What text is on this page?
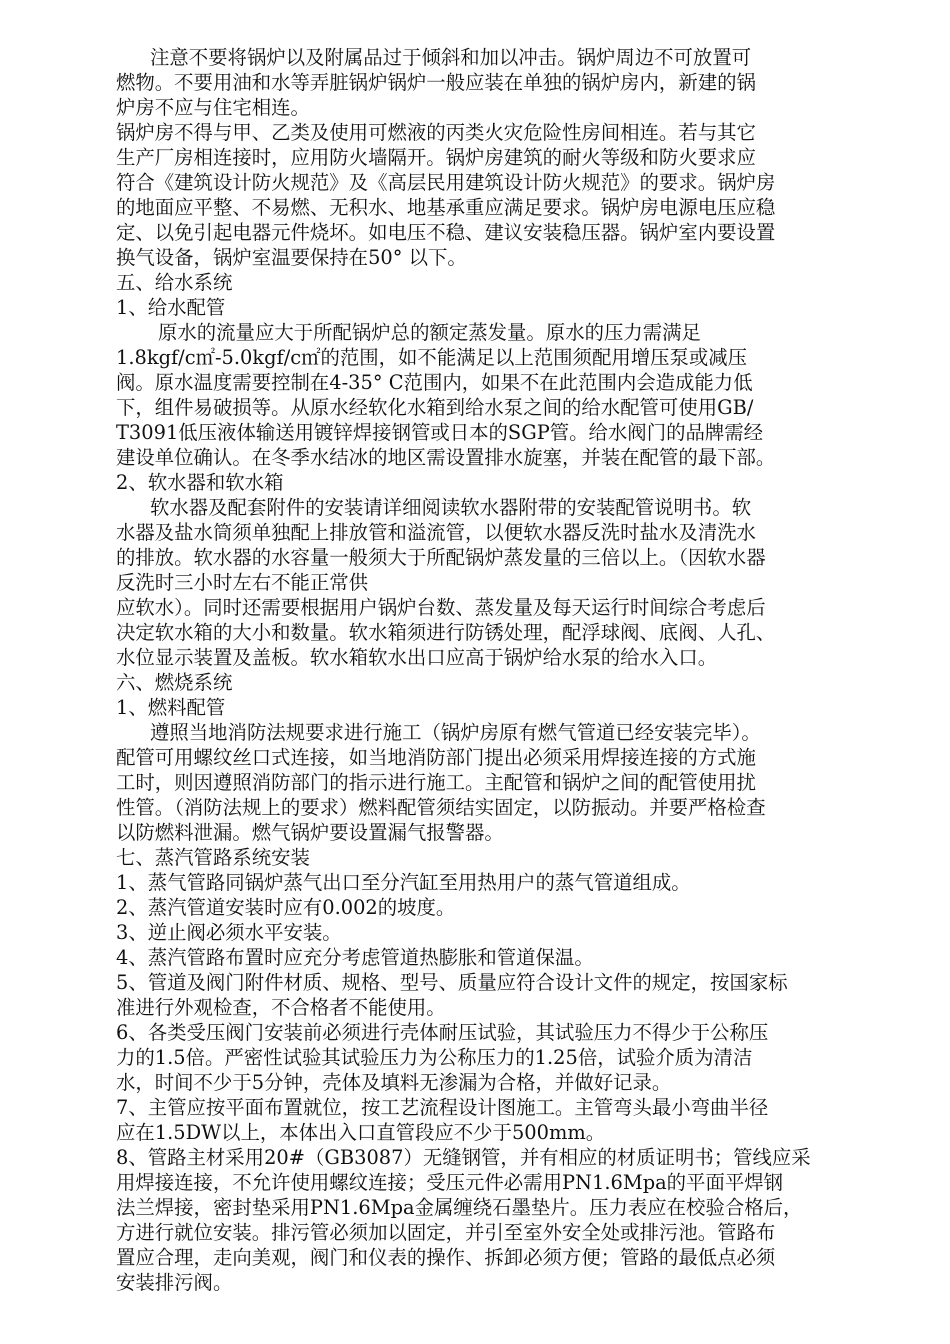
注意不要将锅炉以及附属品过于倾斜和加以冲击。锅炉周边不可放置可
燃物。不要用油和水等弄脏锅炉锅炉一般应装在单独的锅炉房内，新建的锅
炉房不应与住宅相连。
锅炉房不得与甲、乙类及使用可燃液的丙类火灾危险性房间相连。若与其它
生产厂房相连接时，应用防火墙隔开。锅炉房建筑的耐火等级和防火要求应
符合《建筑设计防火规范》及《高层民用建筑设计防火规范》的要求。锅炉房
的地面应平整、不易燃、无积水、地基承重应满足要求。锅炉房电源电压应稳
定、以免引起电器元件烧坏。如电压不稳、建议安装稳压器。锅炉室内要设置
换气设备，锅炉室温要保持在50° 以下。
五、给水系统
1、给水配管
原水的流量应大于所配锅炉总的额定蒸发量。原水的压力需满足
1.8kgf/c㎡-5.0kgf/c㎡的范围，如不能满足以上范围须配用增压泵或减压
阀。原水温度需要控制在4-35° C范围内，如果不在此范围内会造成能力低
下，组件易破损等。从原水经软化水箱到给水泵之间的给水配管可使用GB/
T3091低压液体输送用镀锌焊接钢管或日本的SGP管。给水阀门的品牌需经
建设单位确认。在冬季水结冰的地区需设置排水旋塞，并装在配管的最下部。
2、软水器和软水箱
软水器及配套附件的安装请详细阅读软水器附带的安装配管说明书。软
水器及盐水筒须单独配上排放管和溢流管，以便软水器反洗时盐水及清洗水
的排放。软水器的水容量一般须大于所配锅炉蒸发量的三倍以上。（因软水器
反洗时三小时左右不能正常供
应软水）。同时还需要根据用户锅炉台数、蒸发量及每天运行时间综合考虑后
决定软水箱的大小和数量。软水箱须进行防锈处理，配浮球阀、底阀、人孔、
水位显示装置及盖板。软水箱软水出口应高于锅炉给水泵的给水入口。
六、燃烧系统
1、燃料配管
遵照当地消防法规要求进行施工（锅炉房原有燃气管道已经安装完毕）。
配管可用螺纹丝口式连接，如当地消防部门提出必须采用焊接连接的方式施
工时，则因遵照消防部门的指示进行施工。主配管和锅炉之间的配管使用扰
性管。（消防法规上的要求）燃料配管须结实固定，以防振动。并要严格检查
以防燃料泄漏。燃气锅炉要设置漏气报警器。
七、蒸汽管路系统安装
1、蒸气管路同锅炉蒸气出口至分汽缸至用热用户的蒸气管道组成。
2、蒸汽管道安装时应有0.002的坡度。
3、逆止阀必须水平安装。
4、蒸汽管路布置时应充分考虑管道热膨胀和管道保温。
5、管道及阀门附件材质、规格、型号、质量应符合设计文件的规定，按国家标
准进行外观检查，不合格者不能使用。
6、各类受压阀门安装前必须进行壳体耐压试验，其试验压力不得少于公称压
力的1.5倍。严密性试验其试验压力为公称压力的1.25倍，试验介质为清洁
水，时间不少于5分钟，壳体及填料无渗漏为合格，并做好记录。
7、主管应按平面布置就位，按工艺流程设计图施工。主管弯头最小弯曲半径
应在1.5DW以上，本体出入口直管段应不少于500mm。
8、管路主材采用20#（GB3087）无缝钢管，并有相应的材质证明书；管线应采
用焊接连接，不允许使用螺纹连接；受压元件必需用PN1.6Mpa的平面平焊钢
法兰焊接，密封垫采用PN1.6Mpa金属缠绕石墨垫片。压力表应在校验合格后，
方进行就位安装。排污管必须加以固定，并引至室外安全处或排污池。管路布
置应合理，走向美观，阀门和仪表的操作、拆卸必须方便；管路的最低点必须
安装排污阀。
